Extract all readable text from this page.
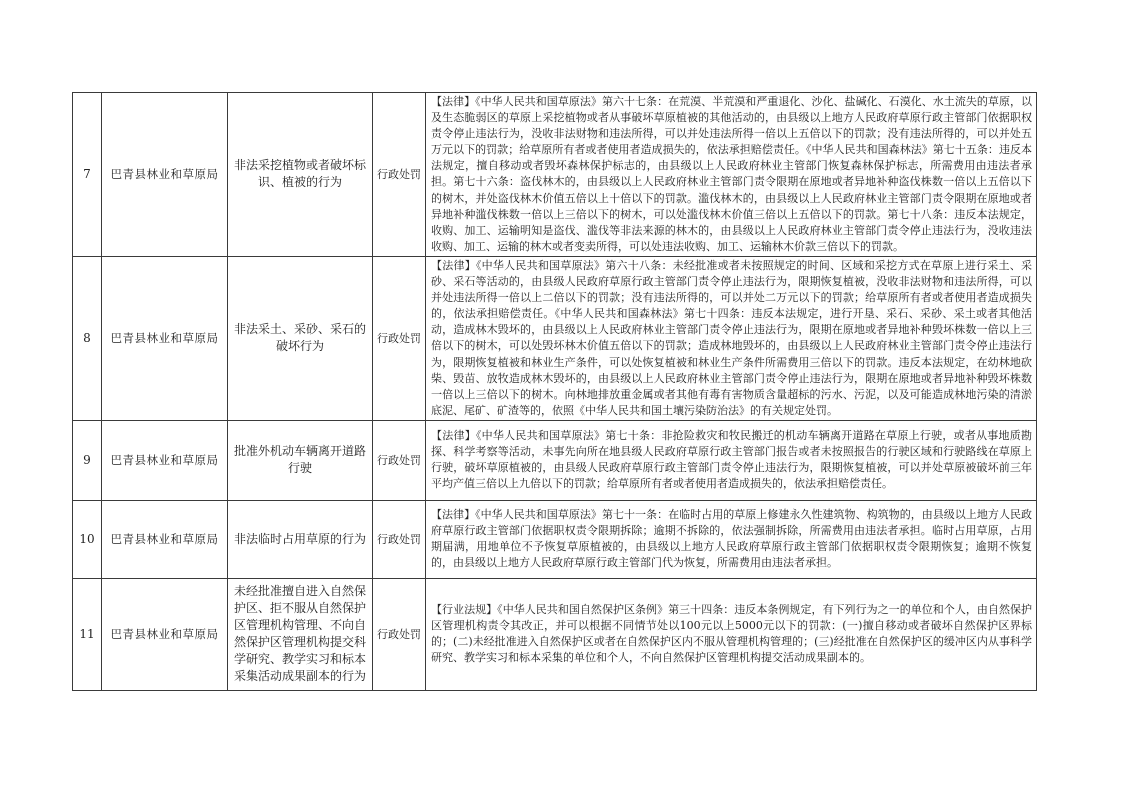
7	巴青县林业和草原局	非法采挖植物或者破坏标识、植被的行为	行政处罚	【法律】《中华人民共和国草原法》第六十七条：在荒漠、半荒漠和严重退化、沙化、盐碱化、石漠化、水土流失的草原，以及生态脆弱区的草原上采挖植物或者从事破坏草原植被的其他活动的，由县级以上地方人民政府草原行政主管部门依据职权责令停止违法行为，没收非法财物和违法所得，可以并处违法所得一倍以上五倍以下的罚款；没有违法所得的，可以并处五万元以下的罚款；给草原所有者或者使用者造成损失的，依法承担赔偿责任。《中华人民共和国森林法》第七十五条：违反本法规定，擅自移动或者毁坏森林保护标志的，由县级以上人民政府林业主管部门恢复森林保护标志，所需费用由违法者承担。第七十六条：盗伐林木的，由县级以上人民政府林业主管部门责令限期在原地或者异地补种盗伐株数一倍以上五倍以下的树木，并处盗伐林木价值五倍以上十倍以下的罚款。滥伐林木的，由县级以上人民政府林业主管部门责令限期在原地或者异地补种滥伐株数一倍以上三倍以下的树木，可以处滥伐林木价值三倍以上五倍以下的罚款。第七十八条：违反本法规定，收购、加工、运输明知是盗伐、滥伐等非法来源的林木的，由县级以上人民政府林业主管部门责令停止违法行为，没收违法收购、加工、运输的林木或者变卖所得，可以处违法收购、加工、运输林木价款三倍以下的罚款。

8	巴青县林业和草原局	非法采土、采砂、采石的破坏行为	行政处罚	【法律】《中华人民共和国草原法》第六十八条：未经批准或者未按照规定的时间、区域和采挖方式在草原上进行采土、采砂、采石等活动的，由县级人民政府草原行政主管部门责令停止违法行为，限期恢复植被，没收非法财物和违法所得，可以并处违法所得一倍以上二倍以下的罚款；没有违法所得的，可以并处二万元以下的罚款；给草原所有者或者使用者造成损失的，依法承担赔偿责任。《中华人民共和国森林法》第七十四条：违反本法规定，进行开垦、采石、采砂、采土或者其他活动，造成林木毁坏的，由县级以上人民政府林业主管部门责令停止违法行为，限期在原地或者异地补种毁坏株数一倍以上三倍以下的树木，可以处毁坏林木价值五倍以下的罚款；造成林地毁坏的，由县级以上人民政府林业主管部门责令停止违法行为，限期恢复植被和林业生产条件，可以处恢复植被和林业生产条件所需费用三倍以下的罚款。违反本法规定，在幼林地砍柴、毁苗、放牧造成林木毁坏的，由县级以上人民政府林业主管部门责令停止违法行为，限期在原地或者异地补种毁坏株数一倍以上三倍以下的树木。向林地排放重金属或者其他有毒有害物质含量超标的污水、污泥，以及可能造成林地污染的清淤底泥、尾矿、矿渣等的，依照《中华人民共和国土壤污染防治法》的有关规定处罚。

9	巴青县林业和草原局	批准外机动车辆离开道路行驶	行政处罚	【法律】《中华人民共和国草原法》第七十条：非抢险救灾和牧民搬迁的机动车辆离开道路在草原上行驶，或者从事地质勘探、科学考察等活动，未事先向所在地县级人民政府草原行政主管部门报告或者未按照报告的行驶区域和行驶路线在草原上行驶，破坏草原植被的，由县级人民政府草原行政主管部门责令停止违法行为，限期恢复植被，可以并处草原被破坏前三年平均产值三倍以上九倍以下的罚款；给草原所有者或者使用者造成损失的，依法承担赔偿责任。

10	巴青县林业和草原局	非法临时占用草原的行为	行政处罚	【法律】《中华人民共和国草原法》第七十一条：在临时占用的草原上修建永久性建筑物、构筑物的，由县级以上地方人民政府草原行政主管部门依据职权责令限期拆除；逾期不拆除的，依法强制拆除，所需费用由违法者承担。临时占用草原，占用期届满，用地单位不予恢复草原植被的，由县级以上地方人民政府草原行政主管部门依据职权责令限期恢复；逾期不恢复的，由县级以上地方人民政府草原行政主管部门代为恢复，所需费用由违法者承担。

11	巴青县林业和草原局	未经批准擅自进入自然保护区、拒不服从自然保护区管理机构管理、不向自然保护区管理机构提交科学研究、教学实习和标本采集活动成果副本的行为	行政处罚	【行业法规】《中华人民共和国自然保护区条例》第三十四条：违反本条例规定，有下列行为之一的单位和个人，由自然保护区管理机构责令其改正，并可以根据不同情节处以100元以上5000元以下的罚款：(一)擅自移动或者破坏自然保护区界标的；(二)未经批准进入自然保护区或者在自然保护区内不服从管理机构管理的；(三)经批准在自然保护区的缓冲区内从事科学研究、教学实习和标本采集的单位和个人，不向自然保护区管理机构提交活动成果副本的。
